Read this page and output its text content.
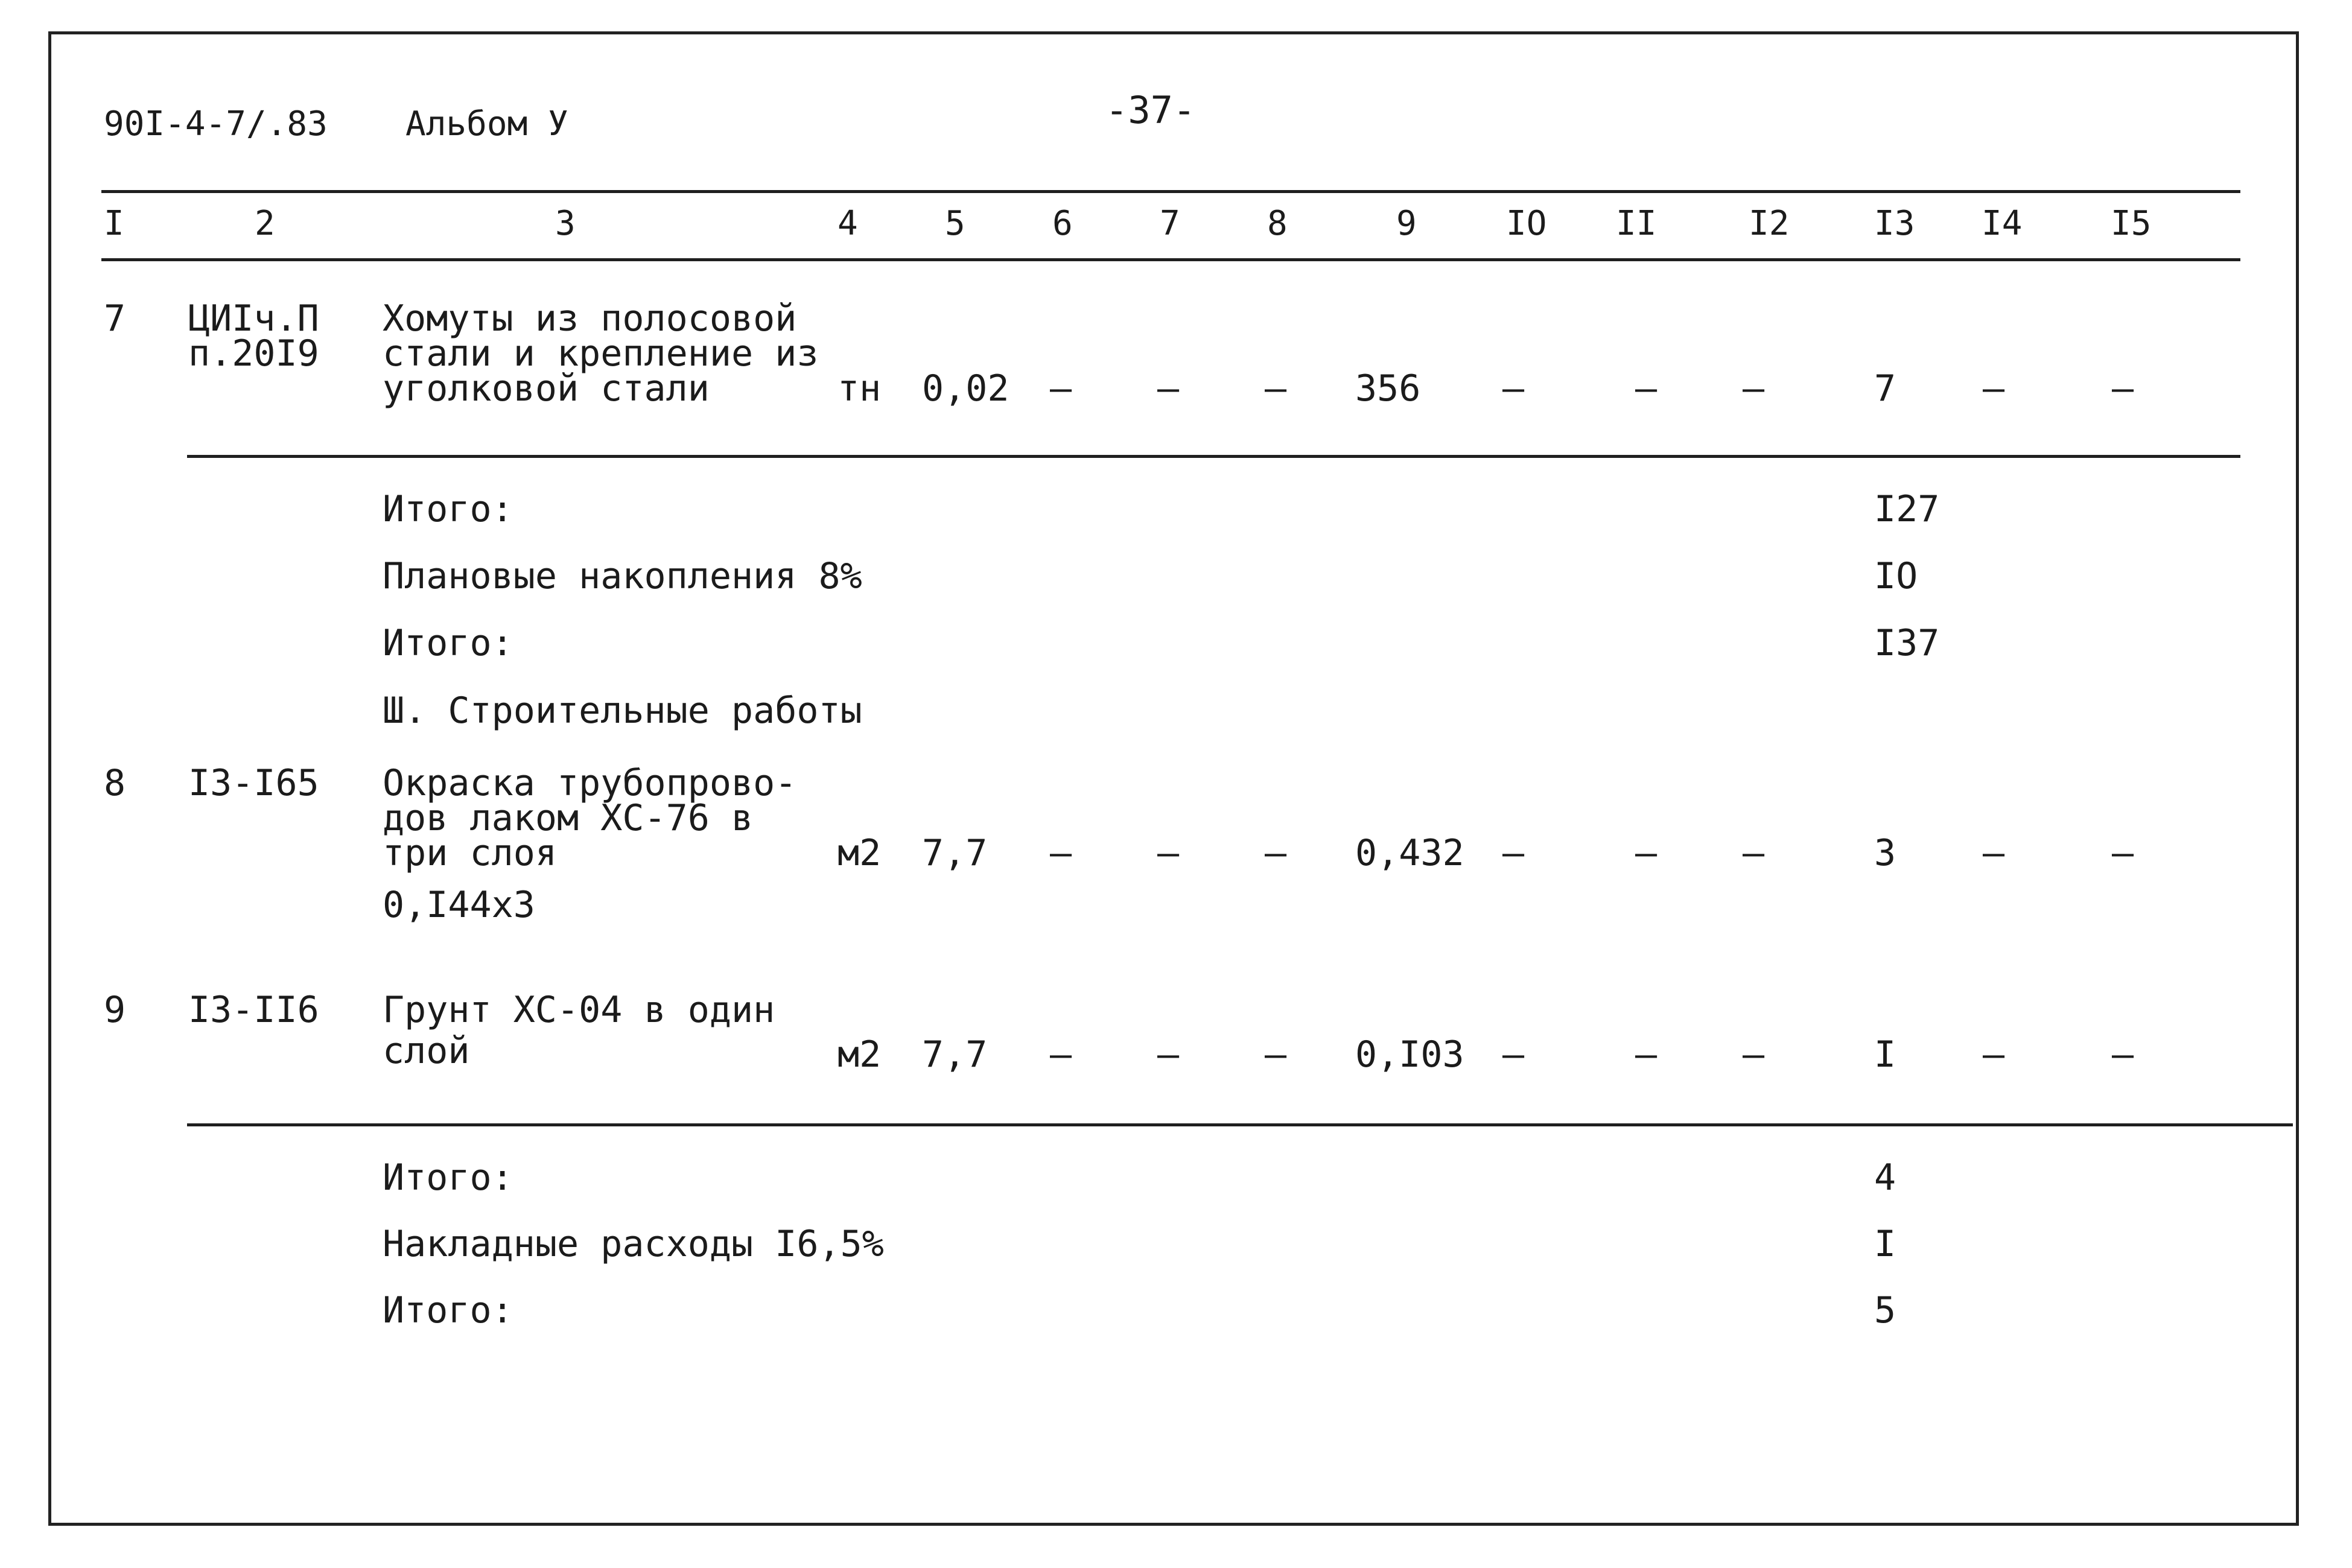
90I-4-7/.83 Альбом У	-37-
I	2	3	4	5	6	7	8	9	IO II	I2	I3 I4	I5
7 ЦИIч.П
п.20I9
Хомуты из полосовой
стали и крепление из
уголковой стали	тн 0,02 – – – 356 –	– –	7 –	–
Итого:	I27
Плановые накопления 8%	IO
Итого:	I37
Ш. Строительные работы
8 I3-I65 Окраска трубопрово-
дов лаком ХС-76 в
три слоя
0,I44х3
м2 7,7 – – – 0,432 –	– –	3 –	–
9 I3-II6 Грунт ХС-04 в один
слой	м2 7,7 – – – 0,I03 –	– –	I –	–
Итого:	4
Накладные расходы I6,5%	I
Итого:	5
